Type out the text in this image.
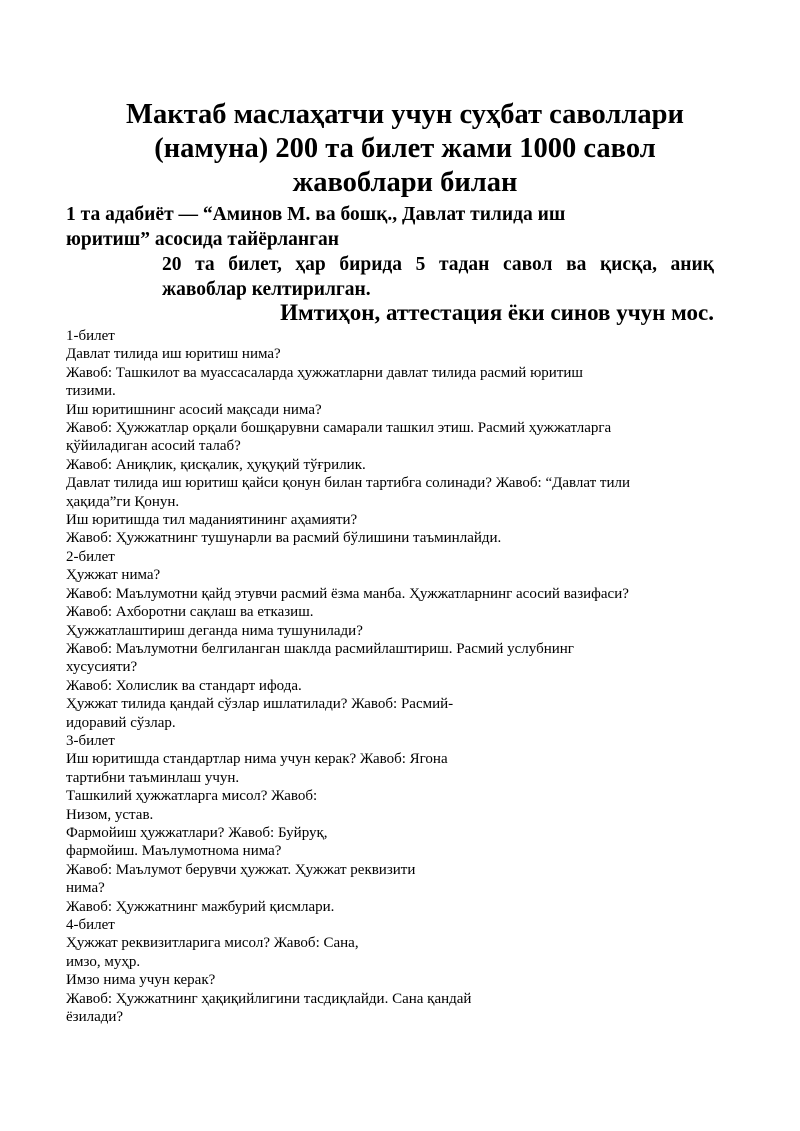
Мактаб маслаҳатчи учун суҳбат саволлари
(намуна) 200 та билет жами 1000 савол
жавоблари билан

1 та адабиёт — “Аминов М. ва бошқ., Давлат тилида иш
юритиш” асосида тайёрланган

20 та билет, ҳар бирида 5 тадан савол ва қисқа, аниқ жавоблар келтирилган.

Имтиҳон, аттестация ёки синов учун мос.

1-билет
Давлат тилида иш юритиш нима?
Жавоб: Ташкилот ва муассасаларда ҳужжатларни давлат тилида расмий юритиш
тизими.
Иш юритишнинг асосий мақсади нима?
Жавоб: Ҳужжатлар орқали бошқарувни самарали ташкил этиш. Расмий ҳужжатларга
қўйиладиган асосий талаб?
Жавоб: Аниқлик, қисқалик, ҳуқуқий тўғрилик.
Давлат тилида иш юритиш қайси қонун билан тартибга солинади? Жавоб: “Давлат тили
ҳақида”ги Қонун.
Иш юритишда тил маданиятининг аҳамияти?
Жавоб: Ҳужжатнинг тушунарли ва расмий бўлишини таъминлайди.
2-билет
Ҳужжат нима?
Жавоб: Маълумотни қайд этувчи расмий ёзма манба. Ҳужжатларнинг асосий вазифаси?
Жавоб: Ахборотни сақлаш ва етказиш.
Ҳужжатлаштириш деганда нима тушунилади?
Жавоб: Маълумотни белгиланган шаклда расмийлаштириш. Расмий услубнинг
хусусияти?
Жавоб: Холислик ва стандарт ифода.
Ҳужжат тилида қандай сўзлар ишлатилади? Жавоб: Расмий-
идоравий сўзлар.
3-билет
Иш юритишда стандартлар нима учун керак? Жавоб: Ягона
тартибни таъминлаш учун.
Ташкилий ҳужжатларга мисол? Жавоб:
Низом, устав.
Фармойиш ҳужжатлари? Жавоб: Буйруқ,
фармойиш. Маълумотнома нима?
Жавоб: Маълумот берувчи ҳужжат. Ҳужжат реквизити
нима?
Жавоб: Ҳужжатнинг мажбурий қисмлари.
4-билет
Ҳужжат реквизитларига мисол? Жавоб: Сана,
имзо, муҳр.
Имзо нима учун керак?
Жавоб: Ҳужжатнинг ҳақиқийлигини тасдиқлайди. Сана қандай
ёзилади?
